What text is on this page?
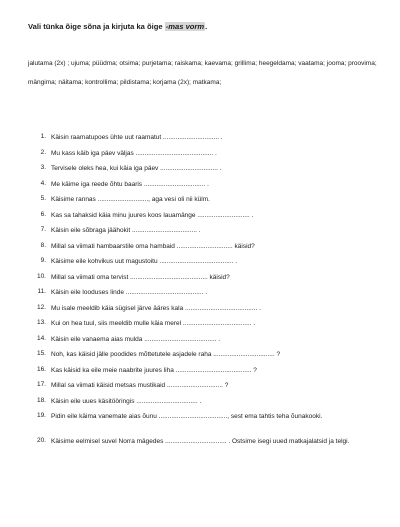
Vali tünka õige sõna ja kirjuta ka õige -mas vorm.
jalutama (2x) ; ujuma; püüdma; otsima; purjetama; raiskama; kaevama; grillima; heegeldama; vaatama; jooma; proovima; mängima; näitama; kontrollima; pildistama; korjama (2x); matkama;
1. Käisin raamatupoes ühte uut raamatut ............................... .
2. Mu kass käib iga päev väljas ........................................... .
3. Tervisele oleks hea, kui käia iga päev ................................ .
4. Me käime iga reede õhtu baaris .................................. .
5. Käisime rannas ............................, aga vesi oli nii külm.
6. Kas sa tahaksid käia minu juures koos lauamänge ............................. .
7. Käisin eile sõbraga jäähokit .................................... .
8. Millal sa viimati hambaarstile oma hambaid ............................... käisid?
9. Käisime eile kohvikus uut magustoitu ......................................... .
10. Millal sa viimati oma tervist ........................................... käisid?
11. Käisin eile looduses linde ........................................... .
12. Mu isale meeldib käia sügisel järve ääres kala ........................................ .
13. Kui on hea tuul, siis meeldib mulle käia merel ...................................... .
14. Käisin eile vanaema aias mulda ........................................ .
15. Noh, kas käisid jälle poodides mõttetutele asjadele raha .................................. ?
16. Kas käisid ka eile meie naabrite juures liha .......................................... ?
17. Millal sa viimati käisid metsas mustikaid ............................... ?
18. Käisin eile uues käsitööringis .................................. .
19. Pidin eile käima vanemate aias õunu ......................................, sest ema tahtis teha õunakooki.
20. Käisime eelmisel suvel Norra mägedes .................................. . Ostsime isegi uued matkajalatsid ja telgi.
